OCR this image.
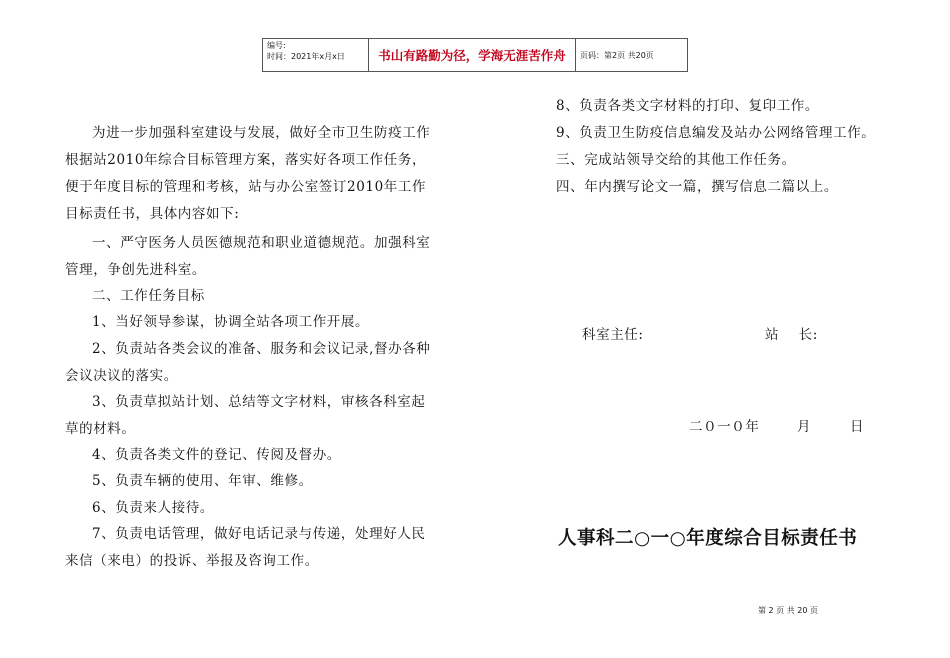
编号:
时间：2021年x月x日	书山有路勤为径，学海无涯苦作舟	页码：第2页 共20页
为进一步加强科室建设与发展，做好全市卫生防疫工作
根据站2010年综合目标管理方案，落实好各项工作任务，
便于年度目标的管理和考核，站与办公室签订2010年工作
目标责任书，具体内容如下:
一、严守医务人员医德规范和职业道德规范。加强科室
管理，争创先进科室。
二、工作任务目标
1、当好领导参谋，协调全站各项工作开展。
2、负责站各类会议的准备、服务和会议记录,督办各种
会议决议的落实。
3、负责草拟站计划、总结等文字材料，审核各科室起
草的材料。
4、负责各类文件的登记、传阅及督办。
5、负责车辆的使用、年审、维修。
6、负责来人接待。
7、负责电话管理，做好电话记录与传递，处理好人民
来信（来电）的投诉、举报及咨询工作。
8、负责各类文字材料的打印、复印工作。
9、负责卫生防疫信息编发及站办公网络管理工作。
三、完成站领导交给的其他工作任务。
四、年内撰写论文一篇，撰写信息二篇以上。
科室主任:	站    长:
二０一０年	月	日
人事科二○一○年度综合目标责任书
第 2 页 共 20 页
